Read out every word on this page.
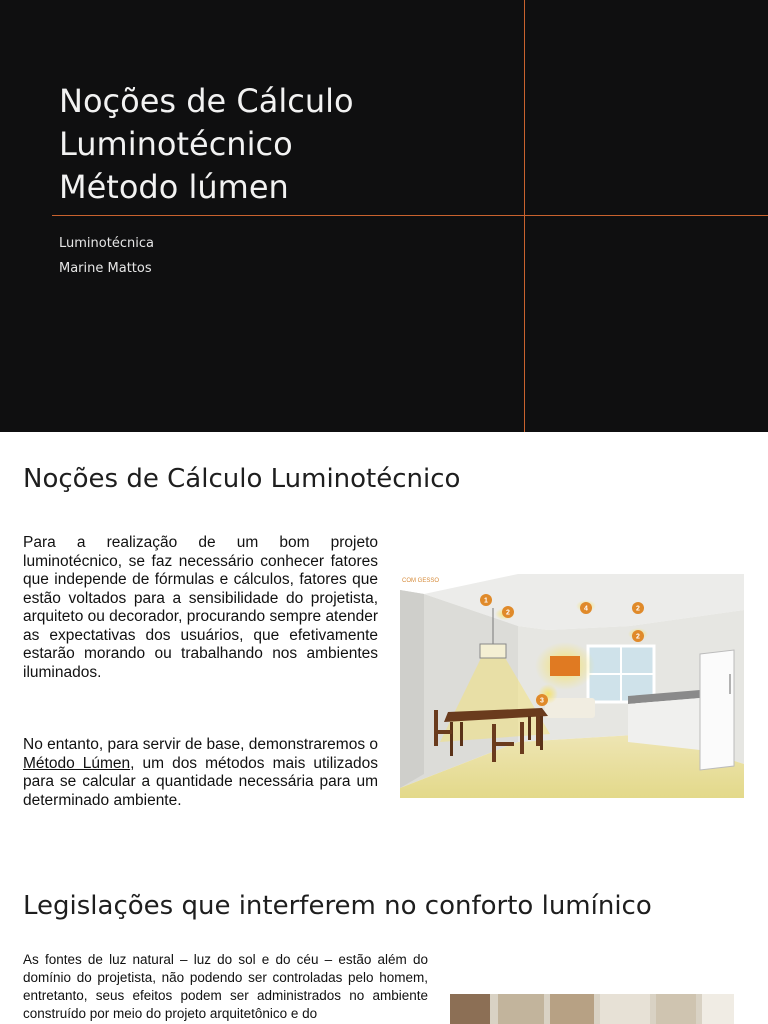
Noções de Cálculo
Luminotécnico
Método lúmen
Luminotécnica
Marine Mattos
Noções de Cálculo Luminotécnico

Para a realização de um bom projeto luminotécnico, se faz necessário conhecer fatores que independe de fórmulas e cálculos, fatores que estão voltados para a sensibilidade do projetista, arquiteto ou decorador, procurando sempre atender as expectativas dos usuários, que efetivamente estarão morando ou trabalhando nos ambientes iluminados.

No entanto, para servir de base, demonstraremos o Método Lúmen, um dos métodos mais utilizados para se calcular a quantidade necessária para um determinado ambiente.

1
2
3
4	2
2
COM GESSO
Legislações que interferem no conforto lumínico

As fontes de luz natural – luz do sol e do céu – estão além do domínio do projetista, não podendo ser controladas pelo homem, entretanto, seus efeitos podem ser administrados no ambiente construído por meio do projeto arquitetônico e do
